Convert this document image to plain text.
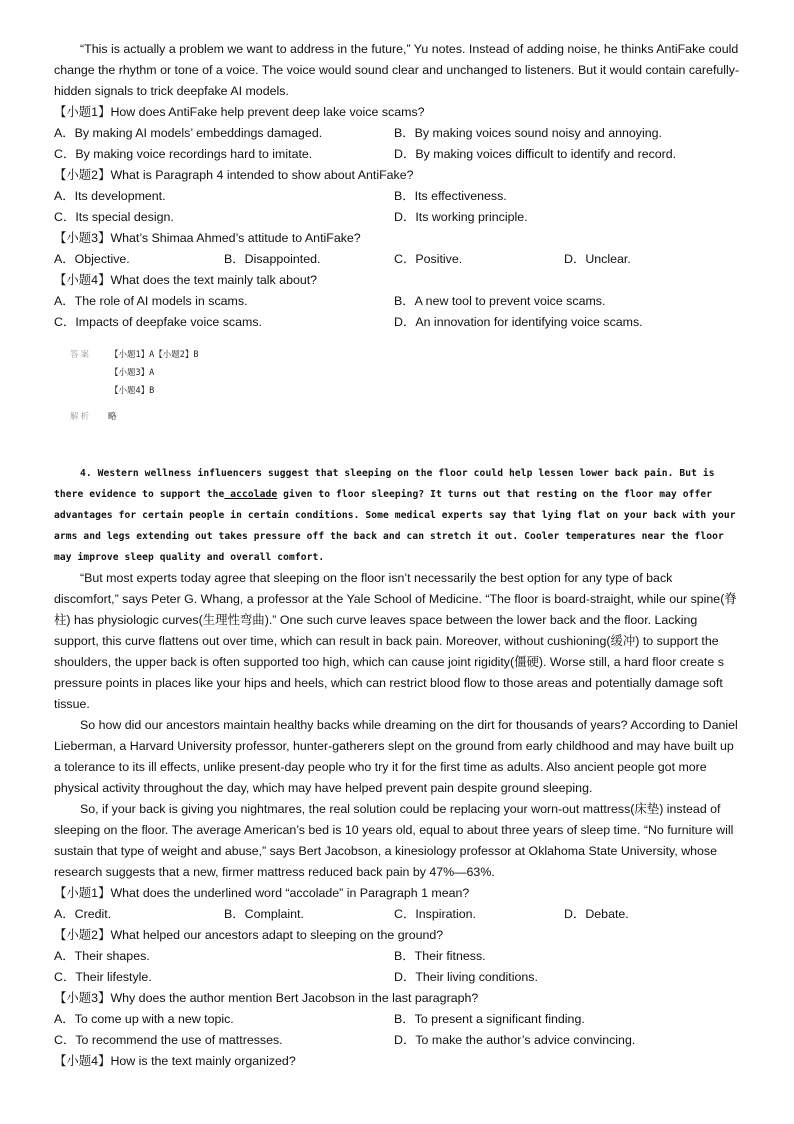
“This is actually a problem we want to address in the future,” Yu notes. Instead of adding noise, he thinks AntiFake could change the rhythm or tone of a voice. The voice would sound clear and unchanged to listeners. But it would contain carefully-hidden signals to trick deepfake AI models.

【小题1】How does AntiFake help prevent deep lake voice scams?

A．By making AI models’ embeddings damaged.	B．By making voices sound noisy and annoying.
C．By making voice recordings hard to imitate.	D．By making voices difficult to identify and record.

【小题2】What is Paragraph 4 intended to show about AntiFake?

A．Its development.	B．Its effectiveness.
C．Its special design.	D．Its working principle.

【小题3】What’s Shimaa Ahmed’s attitude to AntiFake?

A．Objective.	B．Disappointed.	C．Positive.	D．Unclear.

【小题4】What does the text mainly talk about?

A．The role of AI models in scams.	B．A new tool to prevent voice scams.
C．Impacts of deepfake voice scams.	D．An innovation for identifying voice scams.
答案 【小题1】A【小题2】B
【小题3】A
【小题4】B
解析 略

4. Western wellness influencers suggest that sleeping on the floor could help lessen lower back pain. But is there evidence to support the accolade given to floor sleeping? It turns out that resting on the floor may offer advantages for certain people in certain conditions. Some medical experts say that lying flat on your back with your arms and legs extending out takes pressure off the back and can stretch it out. Cooler temperatures near the floor may improve sleep quality and overall comfort.

“But most experts today agree that sleeping on the floor isn’t necessarily the best option for any type of back discomfort,” says Peter G. Whang, a professor at the Yale School of Medicine. “The floor is board-straight, while our spine(脊柱) has physiologic curves(生理性弯曲).” One such curve leaves space between the lower back and the floor. Lacking support, this curve flattens out over time, which can result in back pain. Moreover, without cushioning(缓冲) to support the shoulders, the upper back is often supported too high, which can cause joint rigidity(僵硬). Worse still, a hard floor create s pressure points in places like your hips and heels, which can restrict blood flow to those areas and potentially damage soft tissue.

So how did our ancestors maintain healthy backs while dreaming on the dirt for thousands of years? According to Daniel Lieberman, a Harvard University professor, hunter-gatherers slept on the ground from early childhood and may have built up a tolerance to its ill effects, unlike present-day people who try it for the first time as adults. Also ancient people got more physical activity throughout the day, which may have helped prevent pain despite ground sleeping.

So, if your back is giving you nightmares, the real solution could be replacing your worn-out mattress(床垫) instead of sleeping on the floor. The average American’s bed is 10 years old, equal to about three years of sleep time. “No furniture will sustain that type of weight and abuse,” says Bert Jacobson, a kinesiology professor at Oklahoma State University, whose research suggests that a new, firmer mattress reduced back pain by 47%—63%.

【小题1】What does the underlined word “accolade” in Paragraph 1 mean?

A．Credit.	B．Complaint.	C．Inspiration.	D．Debate.

【小题2】What helped our ancestors adapt to sleeping on the ground?

A．Their shapes.	B．Their fitness.
C．Their lifestyle.	D．Their living conditions.

【小题3】Why does the author mention Bert Jacobson in the last paragraph?

A．To come up with a new topic.	B．To present a significant finding.
C．To recommend the use of mattresses.	D．To make the author’s advice convincing.

【小题4】How is the text mainly organized?
